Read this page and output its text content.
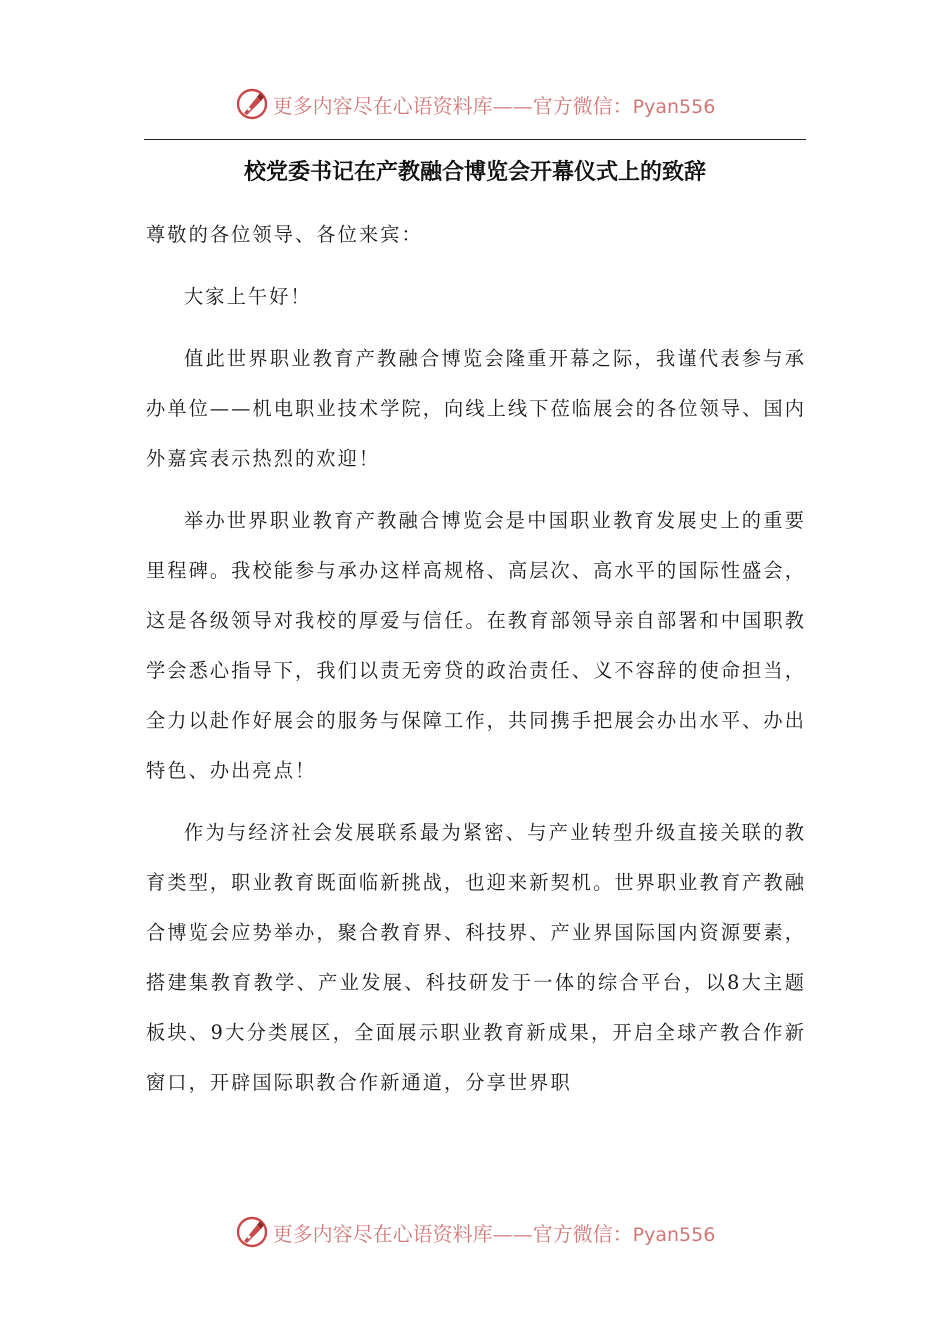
更多内容尽在心语资料库——官方微信：Pyan556
校党委书记在产教融合博览会开幕仪式上的致辞

尊敬的各位领导、各位来宾：

大家上午好！

值此世界职业教育产教融合博览会隆重开幕之际，我谨代表参与承办单位——机电职业技术学院，向线上线下莅临展会的各位领导、国内外嘉宾表示热烈的欢迎！

举办世界职业教育产教融合博览会是中国职业教育发展史上的重要里程碑。我校能参与承办这样高规格、高层次、高水平的国际性盛会，这是各级领导对我校的厚爱与信任。在教育部领导亲自部署和中国职教学会悉心指导下，我们以责无旁贷的政治责任、义不容辞的使命担当，全力以赴作好展会的服务与保障工作，共同携手把展会办出水平、办出特色、办出亮点！

作为与经济社会发展联系最为紧密、与产业转型升级直接关联的教育类型，职业教育既面临新挑战，也迎来新契机。世界职业教育产教融合博览会应势举办，聚合教育界、科技界、产业界国际国内资源要素，搭建集教育教学、产业发展、科技研发于一体的综合平台，以8大主题板块、9大分类展区，全面展示职业教育新成果，开启全球产教合作新窗口，开辟国际职教合作新通道，分享世界职

更多内容尽在心语资料库——官方微信：Pyan556
